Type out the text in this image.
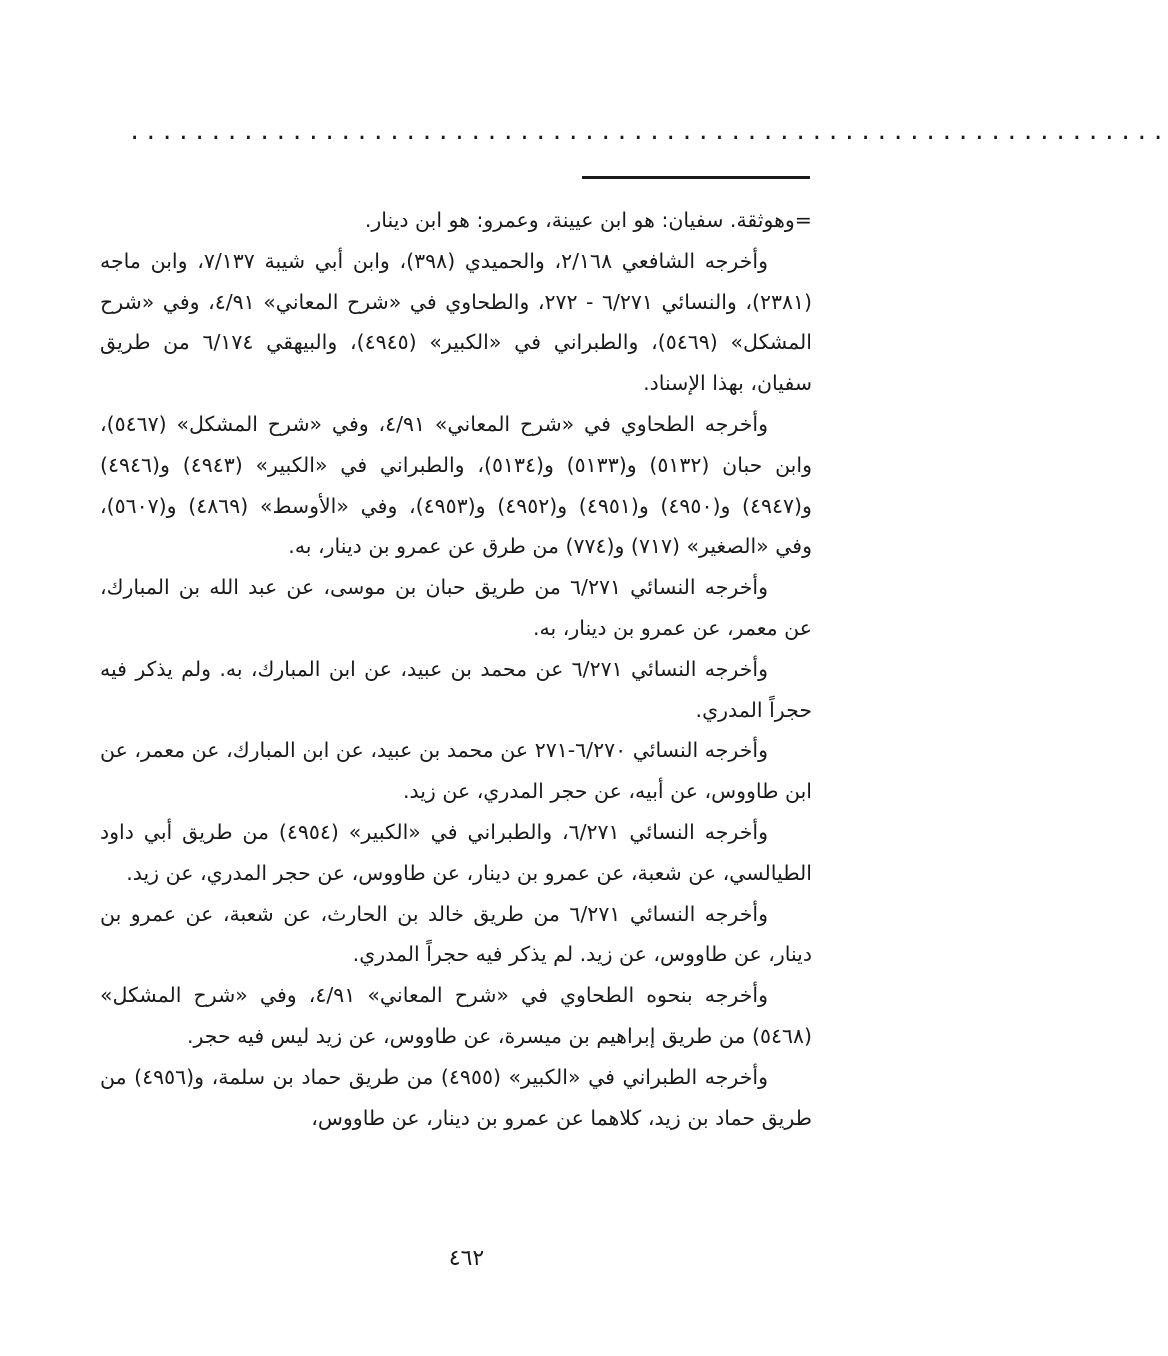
................................................................

=وهوثقة. سفيان: هو ابن عيينة، وعمرو: هو ابن دينار.

وأخرجه الشافعي ٢/١٦٨، والحميدي (٣٩٨)، وابن أبي شيبة ٧/١٣٧، وابن ماجه (٢٣٨١)، والنسائي ٦/٢٧١ - ٢٧٢، والطحاوي في «شرح المعاني» ٤/٩١، وفي «شرح المشكل» (٥٤٦٩)، والطبراني في «الكبير» (٤٩٤٥)، والبيهقي ٦/١٧٤ من طريق سفيان، بهذا الإسناد.

وأخرجه الطحاوي في «شرح المعاني» ٤/٩١، وفي «شرح المشكل» (٥٤٦٧)، وابن حبان (٥١٣٢) و(٥١٣٣) و(٥١٣٤)، والطبراني في «الكبير» (٤٩٤٣) و(٤٩٤٦) و(٤٩٤٧) و(٤٩٥٠) و(٤٩٥١) و(٤٩٥٢) و(٤٩٥٣)، وفي «الأوسط» (٤٨٦٩) و(٥٦٠٧)، وفي «الصغير» (٧١٧) و(٧٧٤) من طرق عن عمرو بن دينار، به.

وأخرجه النسائي ٦/٢٧١ من طريق حبان بن موسى، عن عبد الله بن المبارك، عن معمر، عن عمرو بن دينار، به.

وأخرجه النسائي ٦/٢٧١ عن محمد بن عبيد، عن ابن المبارك، به. ولم يذكر فيه حجراً المدري.

وأخرجه النسائي ٦/٢٧٠-٢٧١ عن محمد بن عبيد، عن ابن المبارك، عن معمر، عن ابن طاووس، عن أبيه، عن حجر المدري، عن زيد.

وأخرجه النسائي ٦/٢٧١، والطبراني في «الكبير» (٤٩٥٤) من طريق أبي داود الطيالسي، عن شعبة، عن عمرو بن دينار، عن طاووس، عن حجر المدري، عن زيد.

وأخرجه النسائي ٦/٢٧١ من طريق خالد بن الحارث، عن شعبة، عن عمرو بن دينار، عن طاووس، عن زيد. لم يذكر فيه حجراً المدري.

وأخرجه بنحوه الطحاوي في «شرح المعاني» ٤/٩١، وفي «شرح المشكل» (٥٤٦٨) من طريق إبراهيم بن ميسرة، عن طاووس، عن زيد ليس فيه حجر.

وأخرجه الطبراني في «الكبير» (٤٩٥٥) من طريق حماد بن سلمة، و(٤٩٥٦) من طريق حماد بن زيد، كلاهما عن عمرو بن دينار، عن طاووس،

٤٦٢
